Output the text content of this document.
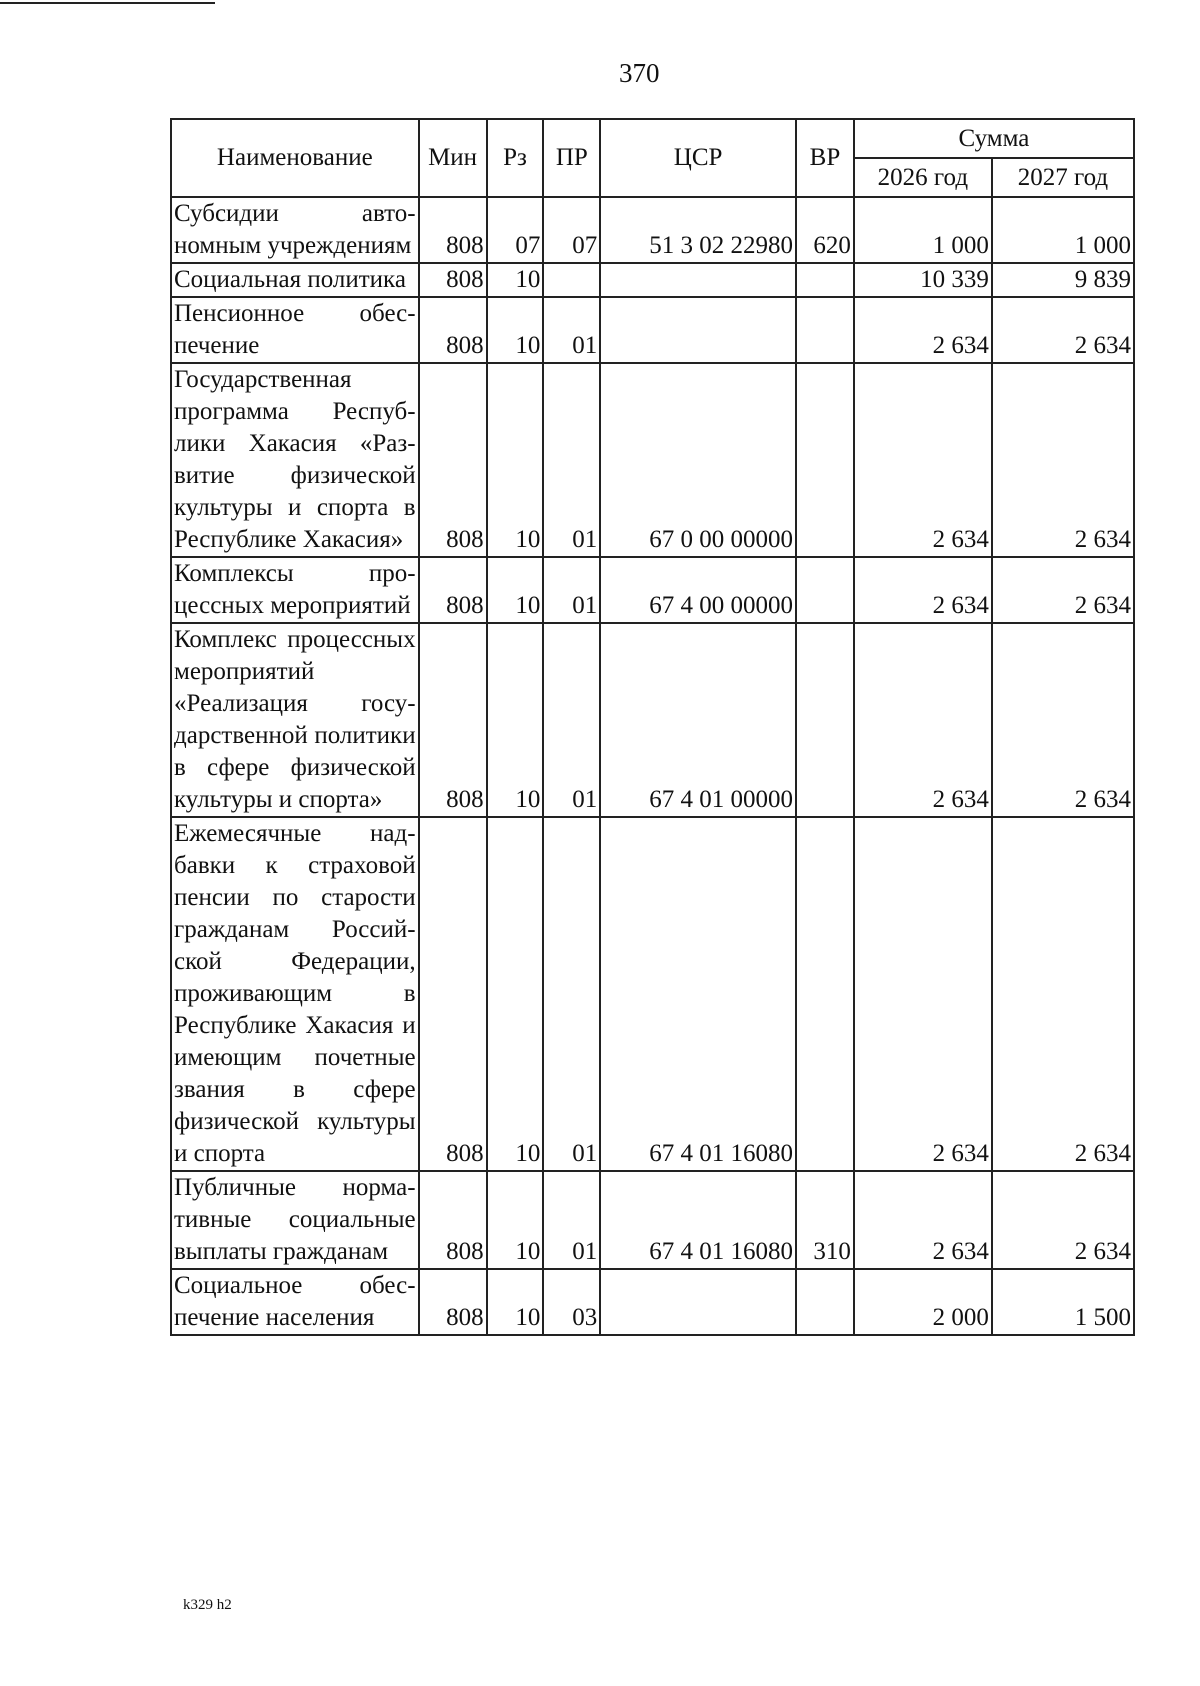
370
Наименование	Мин	Рз	ПР	ЦСР	ВР	Сумма	
						2026 год	2027 год
Субсидии автономным учреждениям	808	07	07	51 3 02 22980	620	1 000	1 000
Социальная политика	808	10				10 339	9 839
Пенсионное обеспечение	808	10	01			2 634	2 634
Государственная программа Республики Хакасия «Развитие физической культуры и спорта в Республике Хакасия»	808	10	01	67 0 00 00000		2 634	2 634
Комплексы процессных мероприятий	808	10	01	67 4 00 00000		2 634	2 634
Комплекс процессных мероприятий «Реализация государственной политики в сфере физической культуры и спорта»	808	10	01	67 4 01 00000		2 634	2 634
Ежемесячные надбавки к страховой пенсии по старости гражданам Российской Федерации, проживающим в Республике Хакасия и имеющим почетные звания в сфере физической культуры и спорта	808	10	01	67 4 01 16080		2 634	2 634
Публичные нормативные социальные выплаты гражданам	808	10	01	67 4 01 16080	310	2 634	2 634
Социальное обеспечение населения	808	10	03			2 000	1 500
k329 h2
